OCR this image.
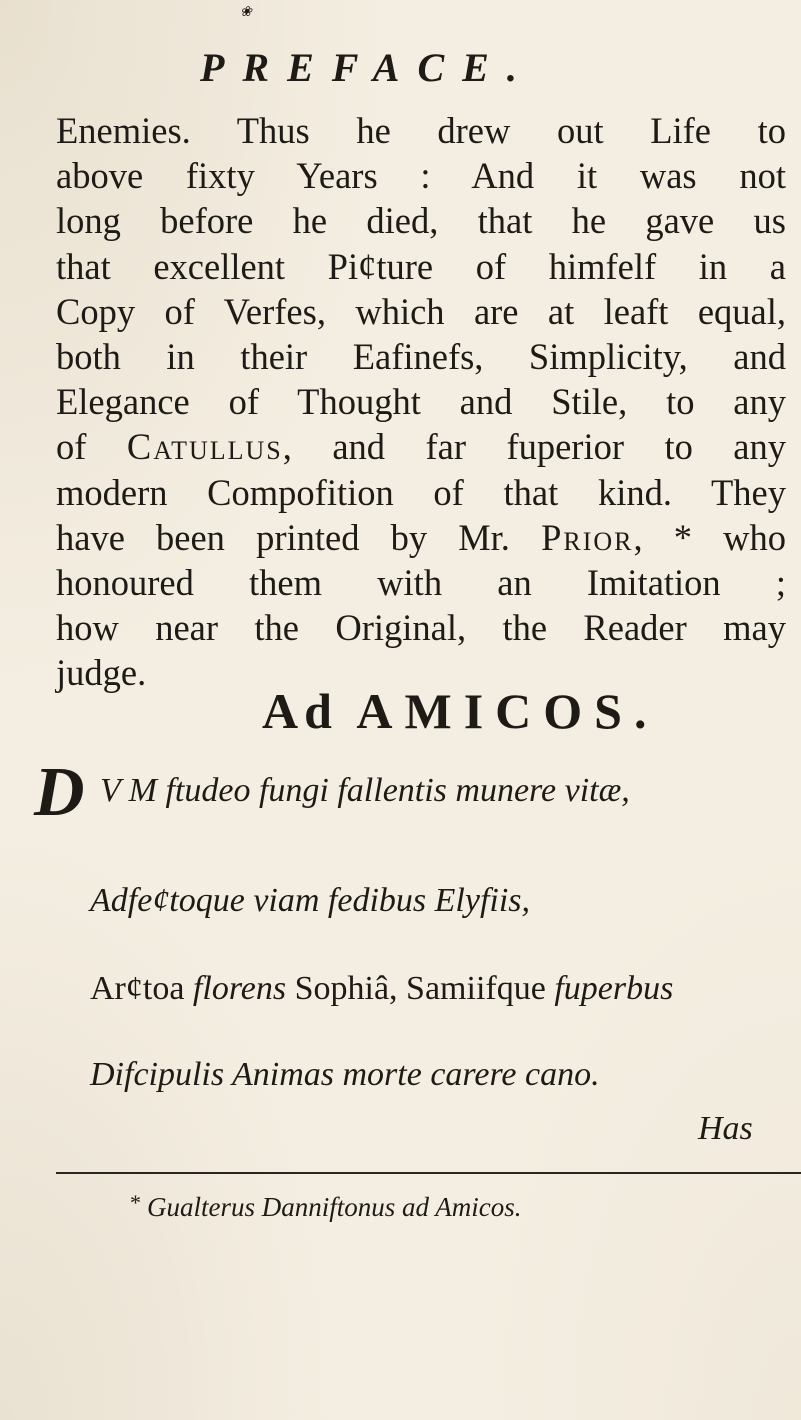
❀
PREFACE.
Enemies. Thus he drew out Life to
above fixty Years : And it was not
long before he died, that he gave us
that excellent Pi¢ture of himfelf in a
Copy of Verfes, which are at leaft equal,
both in their Eafinefs, Simplicity, and
Elegance of Thought and Stile, to any
of Catullus, and far fuperior to any
modern Compofition of that kind. They
have been printed by Mr. Prior, * who
honoured them with an Imitation ;
how near the Original, the Reader may
judge.
Ad AMICOS.
D V M ftudeo fungi fallentis munere vitæ,
Adfe¢toque viam fedibus Elyfiis,
Ar¢toa florens Sophiâ, Samiifque fuperbus
Difcipulis Animas morte carere cano.
Has
* Gualterus Danniftonus ad Amicos.
